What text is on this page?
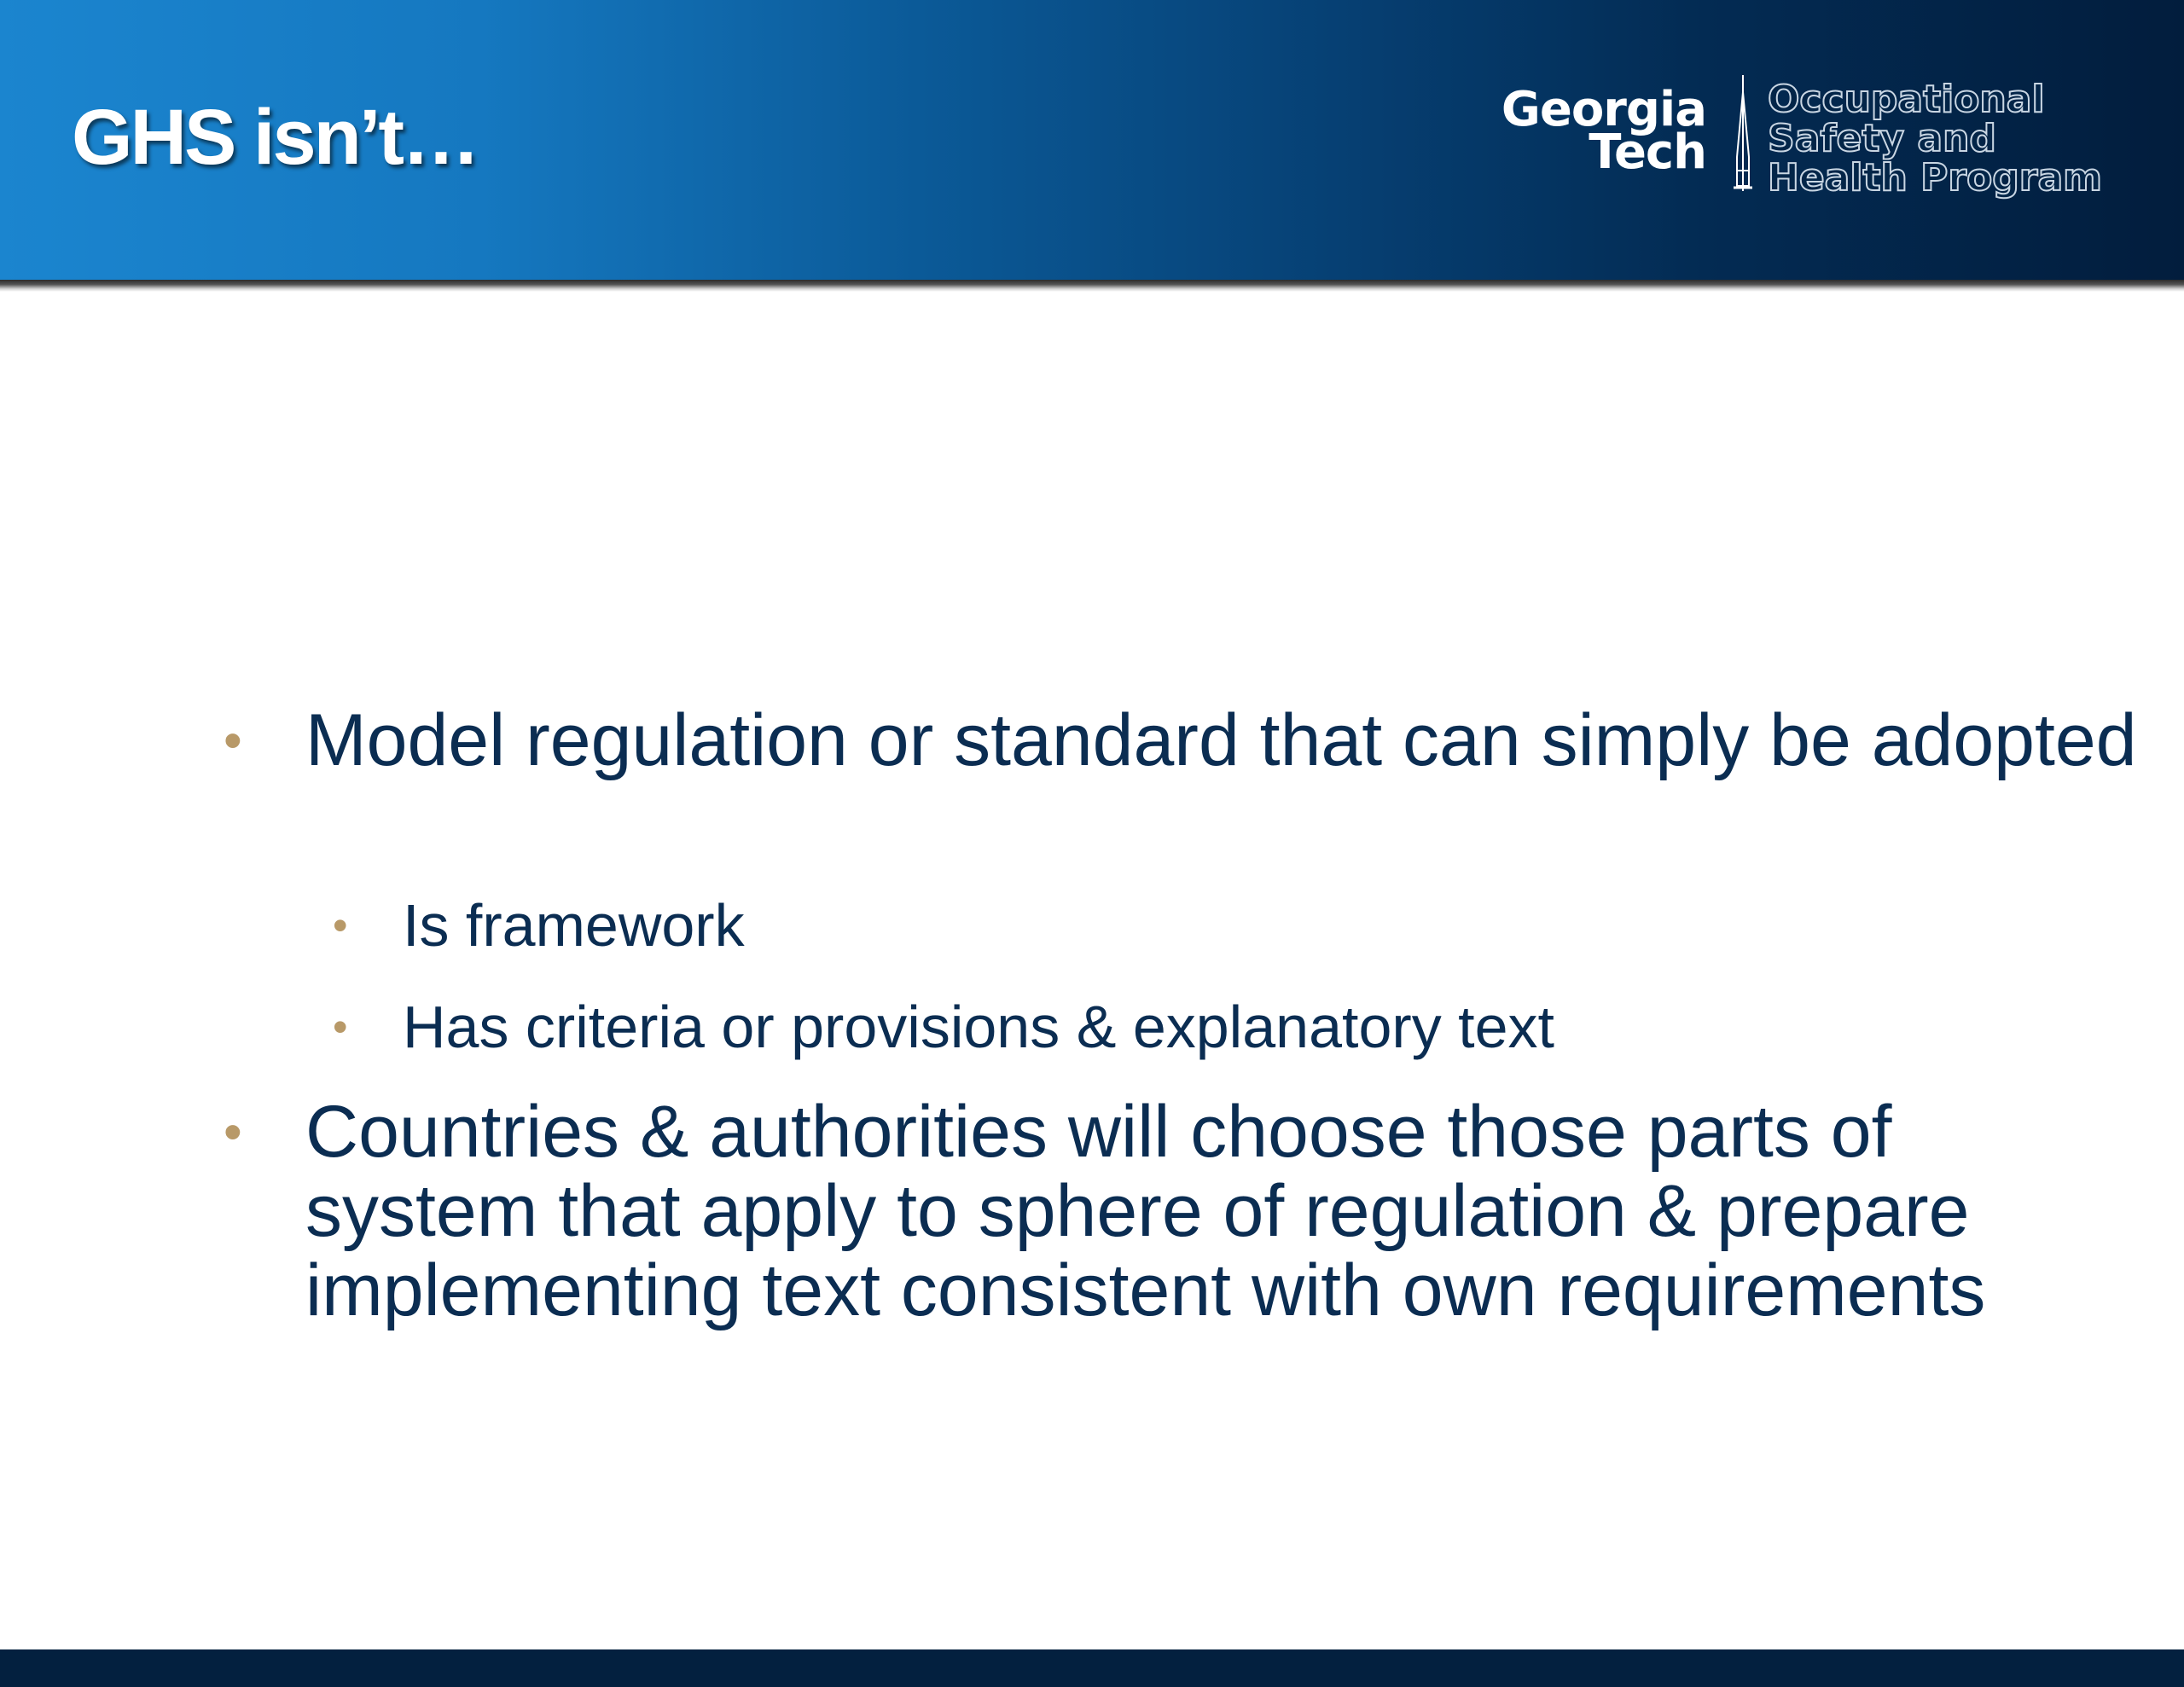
GHS isn’t…	Georgia
Tech
Occupational
Safety and
Health Program
• Model regulation or standard that can simply be adopted
• Is framework
• Has criteria or provisions & explanatory text
• Countries & authorities will choose those parts of system that apply to sphere of regulation & prepare implementing text consistent with own requirements
